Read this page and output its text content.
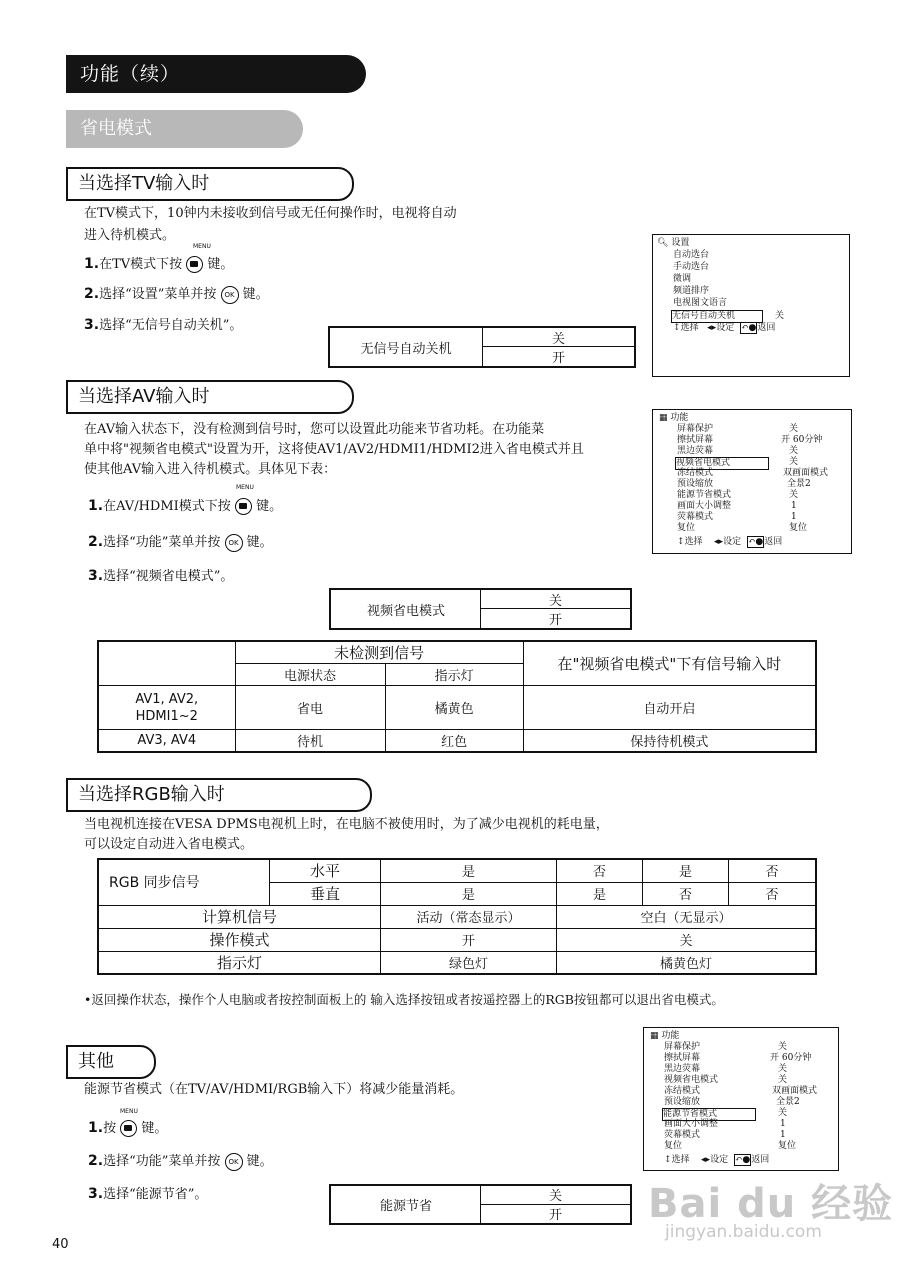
功能（续）
省电模式
当选择TV输入时
在TV模式下，10钟内未接收到信号或无任何操作时，电视将自动
进入待机模式。
MENU
1.在TV模式下按 键。
2.选择“设置”菜单并按 OK 键。
3.选择“无信号自动关机”。
无信号自动关机
关
开
🔍︎ 设置
自动选台
手动选台
微调
频道排序
电视图文语言
无信号自动关机	关
↕选择 ◂▸设定 ↶●返回
当选择AV输入时
在AV输入状态下，没有检测到信号时，您可以设置此功能来节省功耗。在功能菜
单中将"视频省电模式"设置为开，这将使AV1/AV2/HDMI1/HDMI2进入省电模式并且
使其他AV输入进入待机模式。具体见下表：
MENU
1.在AV/HDMI模式下按 键。
2.选择“功能”菜单并按 OK 键。
3.选择“视频省电模式”。
视频省电模式
关
开
▦ 功能
屏幕保护	关
擦拭屏幕	开 60分钟
黑边荧幕	关
视频省电模式	关
冻结模式	双画面模式
预设缩放	全景2
能源节省模式	关
画面大小调整	1
荧幕模式	1
复位	复位
↕选择 ◂▸设定 ↶●返回
	未检测到信号		在"视频省电模式"下有信号输入时
	电源状态	指示灯	
AV1, AV2,
HDMI1~2	省电	橘黄色	自动开启
AV3, AV4	待机	红色	保持待机模式
当选择RGB输入时
当电视机连接在VESA DPMS电视机上时，在电脑不被使用时，为了减少电视机的耗电量，
可以设定自动进入省电模式。
RGB 同步信号	水平	是	否	是	否
	垂直	是	是	否	否
计算机信号		活动（常态显示）	空白（无显示）		
操作模式		开	关		
指示灯		绿色灯	橘黄色灯		
•返回操作状态，操作个人电脑或者按控制面板上的 输入选择按钮或者按遥控器上的RGB按钮都可以退出省电模式。
其他
能源节省模式（在TV/AV/HDMI/RGB输入下）将减少能量消耗。
MENU
1.按 键。
2.选择“功能”菜单并按 OK 键。
3.选择“能源节省”。
能源节省
关
开
▦ 功能
屏幕保护	关
擦拭屏幕	开 60分钟
黑边荧幕	关
视频省电模式	关
冻结模式	双画面模式
预设缩放	全景2
能源节省模式	关
画面大小调整	1
荧幕模式	1
复位	复位
↕选择 ◂▸设定 ↶●返回
40
Bai du 经验
jingyan.baidu.com
